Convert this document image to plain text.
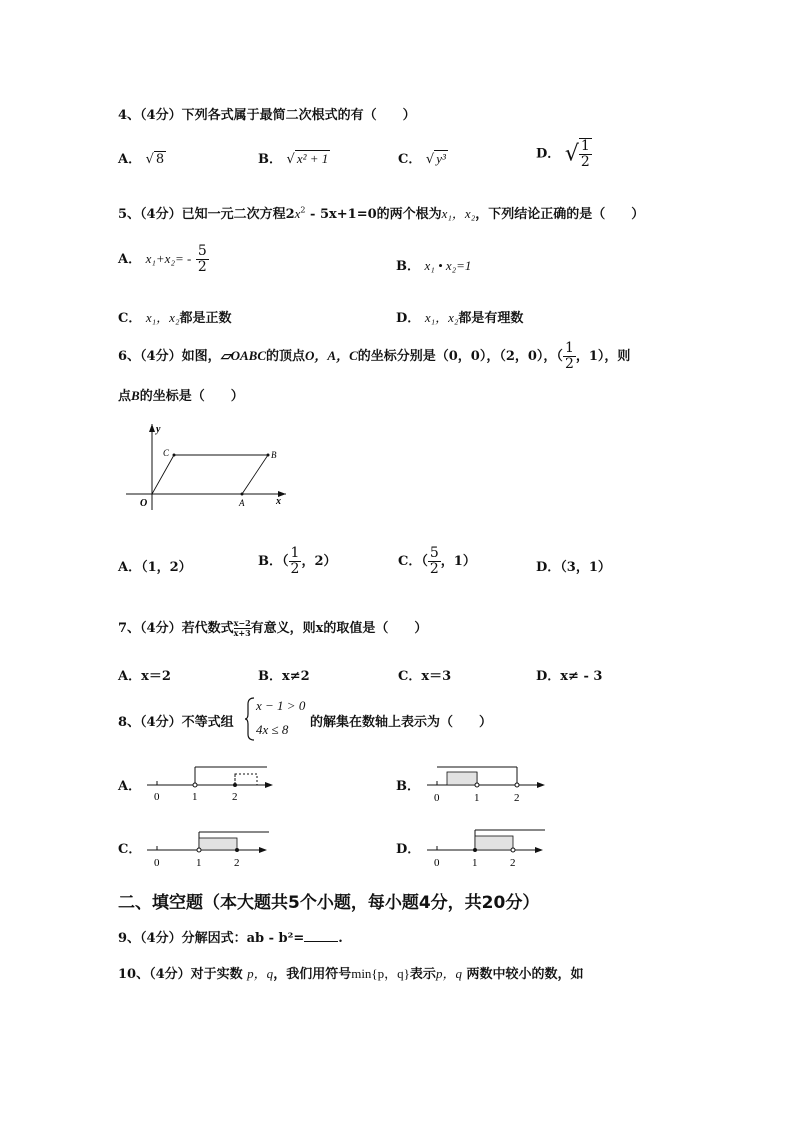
4、（4分）下列各式属于最简二次根式的有（　　）
A． √ 8	B． √ x² + 1	C． √ y³	D． √ $\frac{1}{2}$
5、（4分）已知一元二次方程$2x^2 - 5x+1=0$的两个根为x₁，x₂，下列结论正确的是（　　）
A． $x_1+x_2= - \frac{5}{2}$	B． x₁ • x₂=1
C． x₁，x₂都是正数	D． x₁，x₂都是有理数
6、（4分）如图，▱OABC的顶点O，A，C的坐标分别是（0，0），（2，0），（ $\frac{1}{2}$ ，1），则
点B的坐标是（　　）
y
x
O	A
B
C
A．（1，2）	B．（ $\frac{1}{2}$ ，2）	C．（ $\frac{5}{2}$ ，1）	D．（3，1）
7、（4分）若代数式 $\frac{x-2}{x+3}$有意义，则x的取值是（　　）
A．x＝2	B．x≠2	C．x＝3	D．x≠ - 3
8、（4分）不等式组
x − 1 > 0
4x ≤ 8 的解集在数轴上表示为（　　）
A．
0	1	2
B．
0	1	2
C．
0	1	2
D．
0	1	2
二、填空题（本大题共5个小题，每小题4分，共20分）
9、（4分）分解因式：ab - b²=	.
10、（4分）对于实数 p，q，我们用符号min{p，q}表示p，q 两数中较小的数，如
